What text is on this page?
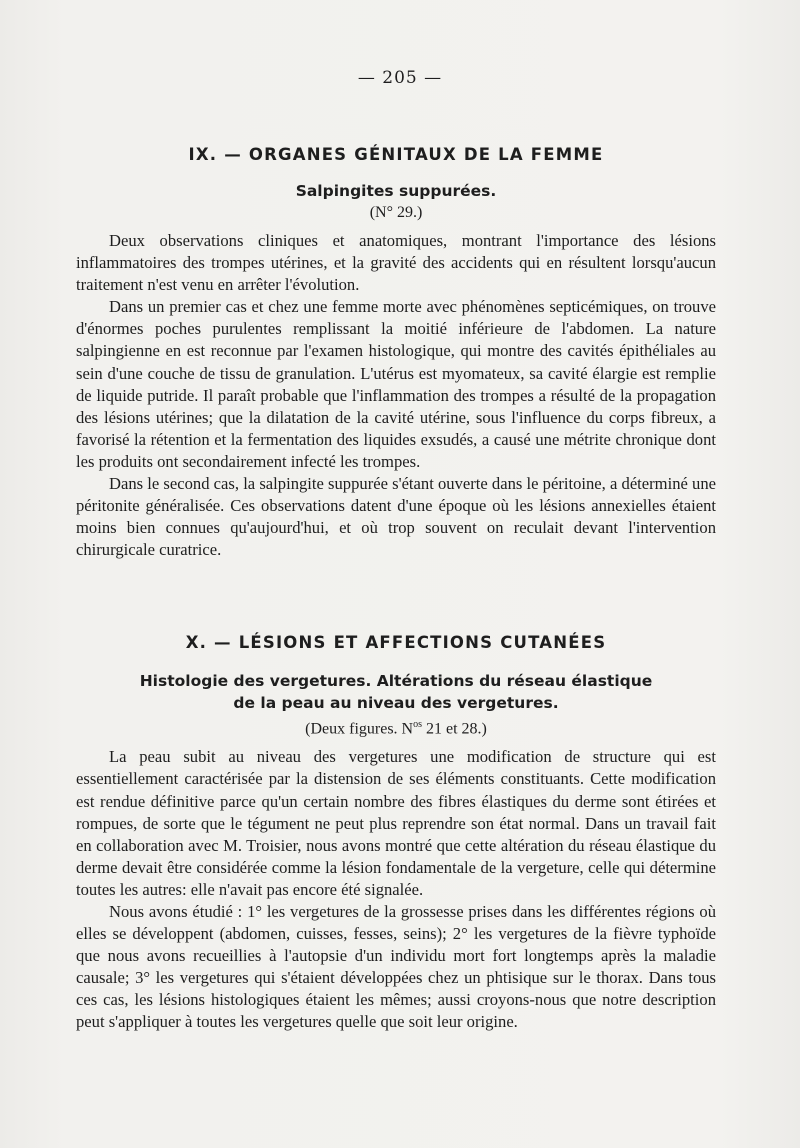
— 205 —
IX. — ORGANES GÉNITAUX DE LA FEMME
Salpingites suppurées.
(N° 29.)

Deux observations cliniques et anatomiques, montrant l'importance des lésions inflammatoires des trompes utérines, et la gravité des accidents qui en résultent lorsqu'aucun traitement n'est venu en arrêter l'évolution.

Dans un premier cas et chez une femme morte avec phénomènes septicémiques, on trouve d'énormes poches purulentes remplissant la moitié inférieure de l'abdomen. La nature salpingienne en est reconnue par l'examen histologique, qui montre des cavités épithéliales au sein d'une couche de tissu de granulation. L'utérus est myomateux, sa cavité élargie est remplie de liquide putride. Il paraît probable que l'inflammation des trompes a résulté de la propagation des lésions utérines; que la dilatation de la cavité utérine, sous l'influence du corps fibreux, a favorisé la rétention et la fermentation des liquides exsudés, a causé une métrite chronique dont les produits ont secondairement infecté les trompes.

Dans le second cas, la salpingite suppurée s'étant ouverte dans le péritoine, a déterminé une péritonite généralisée. Ces observations datent d'une époque où les lésions annexielles étaient moins bien connues qu'aujourd'hui, et où trop souvent on reculait devant l'intervention chirurgicale curatrice.

X. — LÉSIONS ET AFFECTIONS CUTANÉES
Histologie des vergetures. Altérations du réseau élastique
de la peau au niveau des vergetures.
(Deux figures. $N^{os}$ 21 et 28.)

La peau subit au niveau des vergetures une modification de structure qui est essentiellement caractérisée par la distension de ses éléments constituants. Cette modification est rendue définitive parce qu'un certain nombre des fibres élastiques du derme sont étirées et rompues, de sorte que le tégument ne peut plus reprendre son état normal. Dans un travail fait en collaboration avec M. Troisier, nous avons montré que cette altération du réseau élastique du derme devait être considérée comme la lésion fondamentale de la vergeture, celle qui détermine toutes les autres: elle n'avait pas encore été signalée.

Nous avons étudié : 1° les vergetures de la grossesse prises dans les différentes régions où elles se développent (abdomen, cuisses, fesses, seins); 2° les vergetures de la fièvre typhoïde que nous avons recueillies à l'autopsie d'un individu mort fort longtemps après la maladie causale; 3° les vergetures qui s'étaient développées chez un phtisique sur le thorax. Dans tous ces cas, les lésions histologiques étaient les mêmes; aussi croyons-nous que notre description peut s'appliquer à toutes les vergetures quelle que soit leur origine.
